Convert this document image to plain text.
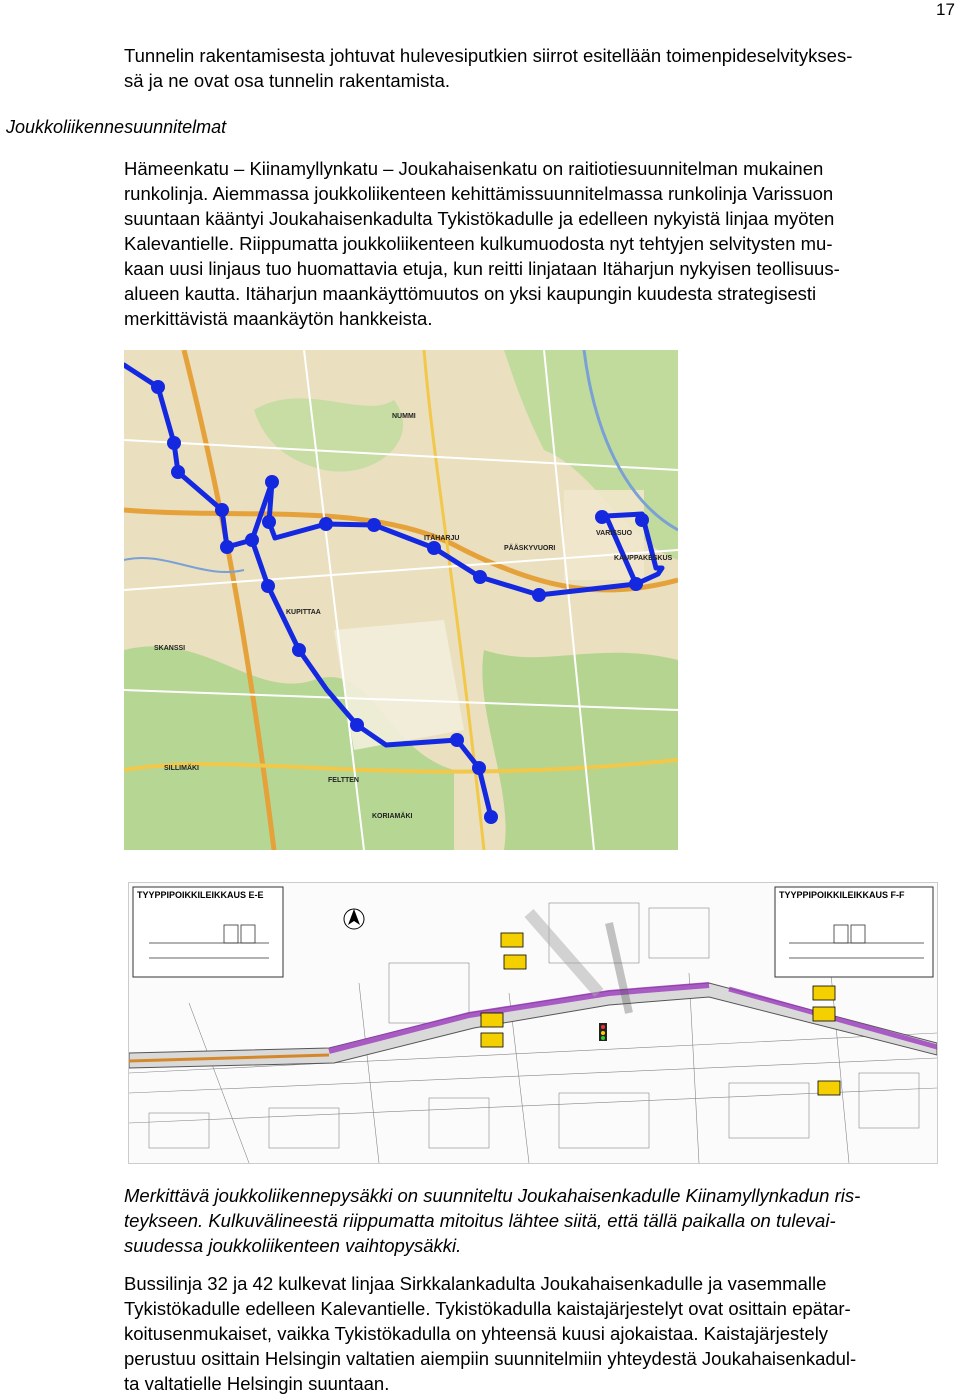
17
Joukkoliikennesuunnitelmat

Tunnelin rakentamisesta johtuvat hulevesiputkien siirrot esitellään toimenpideselvitykses-
sä ja ne ovat osa tunnelin rakentamista.

Hämeenkatu – Kiinamyllynkatu – Joukahaisenkatu on raitiotiesuunnitelman mukainen
runkolinja. Aiemmassa joukkoliikenteen kehittämissuunnitelmassa runkolinja Varissuon
suuntaan kääntyi Joukahaisenkadulta Tykistökadulle ja edelleen nykyistä linjaa myöten
Kalevantielle. Riippumatta joukkoliikenteen kulkumuodosta nyt tehtyjen selvitysten mu-
kaan uusi linjaus tuo huomattavia etuja, kun reitti linjataan Itäharjun nykyisen teollisuus-
alueen kautta. Itäharjun maankäyttömuutos on yksi kaupungin kuudesta strategisesti
merkittävistä maankäytön hankkeista.

NUMMI
ITÄHARJU
VARISSUO
KAUPPAKESKUS
PÄÄSKYVUORI
KUPITTAA
SKANSSI
FELTTEN
SILLIMÄKI
KORIAMÄKI
TYYPPIPOIKKILEIKKAUS E-E	TYYPPIPOIKKILEIKKAUS F-F

Merkittävä joukkoliikennepysäkki on suunniteltu Joukahaisenkadulle Kiinamyllynkadun ris-
teykseen. Kulkuvälineestä riippumatta mitoitus lähtee siitä, että tällä paikalla on tulevai-
suudessa joukkoliikenteen vaihtopysäkki.

Bussilinja 32 ja 42 kulkevat linjaa Sirkkalankadulta Joukahaisenkadulle ja vasemmalle
Tykistökadulle edelleen Kalevantielle. Tykistökadulla kaistajärjestelyt ovat osittain epätar-
koitusenmukaiset, vaikka Tykistökadulla on yhteensä kuusi ajokaistaa. Kaistajärjestely
perustuu osittain Helsingin valtatien aiempiin suunnitelmiin yhteydestä Joukahaisenkadul-
ta valtatielle Helsingin suuntaan.
